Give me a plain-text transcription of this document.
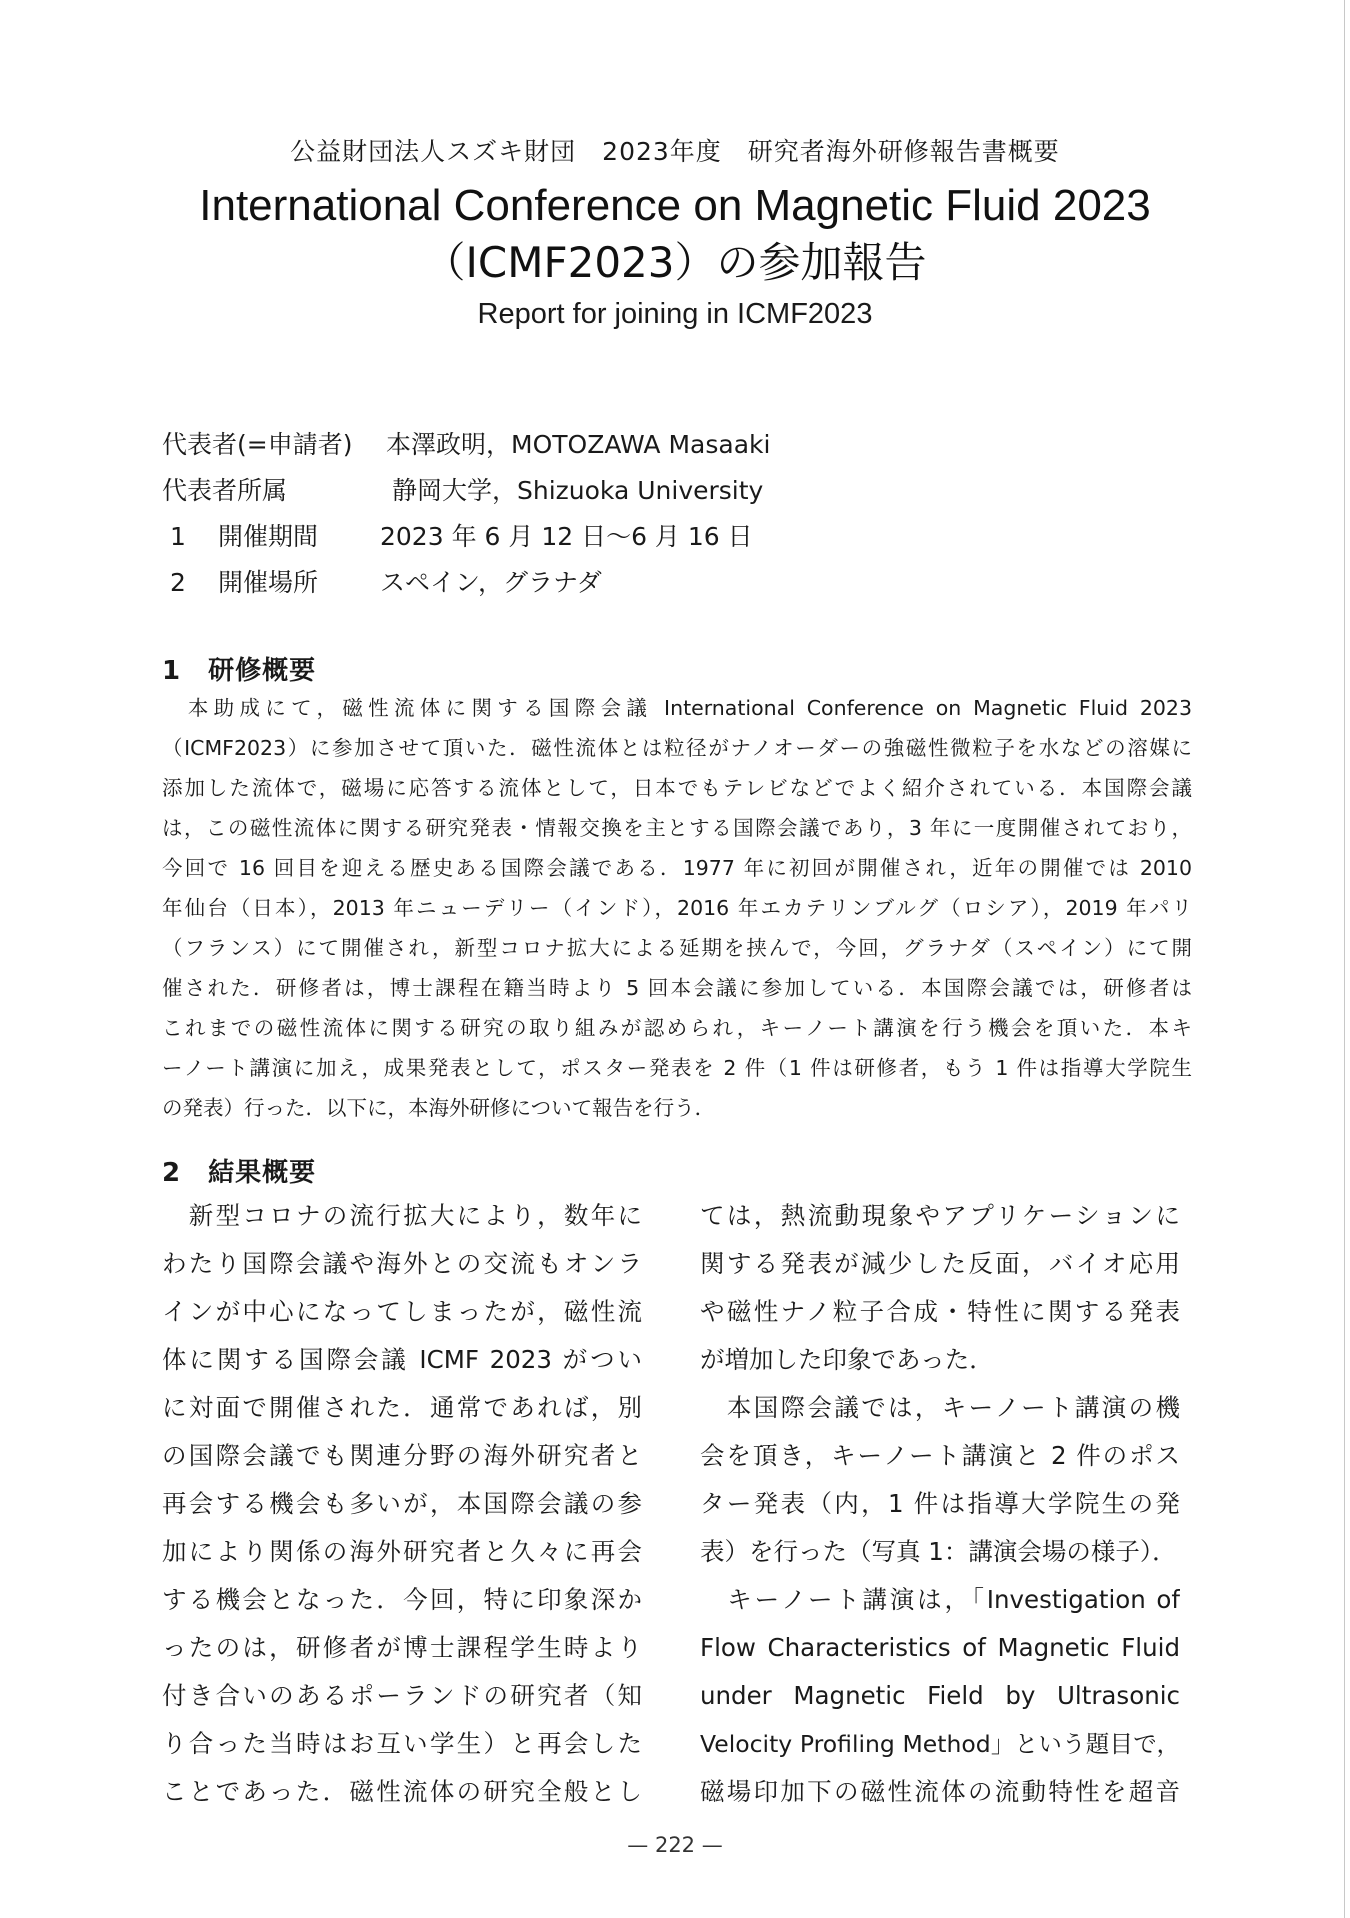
公益財団法人スズキ財団　2023年度　研究者海外研修報告書概要
International Conference on Magnetic Fluid 2023
（ICMF2023）の参加報告
Report for joining in ICMF2023
代表者(=申請者) 本澤政明，MOTOZAWA Masaaki
代表者所属	静岡大学，Shizuoka University
1 開催期間 2023 年 6 月 12 日～6 月 16 日
2 開催場所 スペイン，グラナダ
1　研修概要
　本助成にて，磁性流体に関する国際会議 International Conference on Magnetic Fluid 2023
（ICMF2023）に参加させて頂いた．磁性流体とは粒径がナノオーダーの強磁性微粒子を水などの溶媒に
添加した流体で，磁場に応答する流体として，日本でもテレビなどでよく紹介されている．本国際会議
は，この磁性流体に関する研究発表・情報交換を主とする国際会議であり，3 年に一度開催されており，
今回で 16 回目を迎える歴史ある国際会議である．1977 年に初回が開催され，近年の開催では 2010
年仙台（日本），2013 年ニューデリー（インド），2016 年エカテリンブルグ（ロシア），2019 年パリ
（フランス）にて開催され，新型コロナ拡大による延期を挟んで，今回，グラナダ（スペイン）にて開
催された．研修者は，博士課程在籍当時より 5 回本会議に参加している．本国際会議では，研修者は
これまでの磁性流体に関する研究の取り組みが認められ，キーノート講演を行う機会を頂いた．本キ
ーノート講演に加え，成果発表として，ポスター発表を 2 件（1 件は研修者，もう 1 件は指導大学院生
の発表）行った．以下に，本海外研修について報告を行う．
2　結果概要
　新型コロナの流行拡大により，数年に
わたり国際会議や海外との交流もオンラ
インが中心になってしまったが，磁性流
体に関する国際会議 ICMF 2023 がつい
に対面で開催された．通常であれば，別
の国際会議でも関連分野の海外研究者と
再会する機会も多いが，本国際会議の参
加により関係の海外研究者と久々に再会
する機会となった．今回，特に印象深か
ったのは，研修者が博士課程学生時より
付き合いのあるポーランドの研究者（知
り合った当時はお互い学生）と再会した
ことであった．磁性流体の研究全般とし
ては，熱流動現象やアプリケーションに
関する発表が減少した反面，バイオ応用
や磁性ナノ粒子合成・特性に関する発表
が増加した印象であった．
　本国際会議では，キーノート講演の機
会を頂き，キーノート講演と 2 件のポス
ター発表（内，1 件は指導大学院生の発
表）を行った（写真 1：講演会場の様子）．
　キーノート講演は，「Investigation of
Flow Characteristics of Magnetic Fluid
under Magnetic Field by Ultrasonic
Velocity Profiling Method」という題目で，
磁場印加下の磁性流体の流動特性を超音
— 222 —
